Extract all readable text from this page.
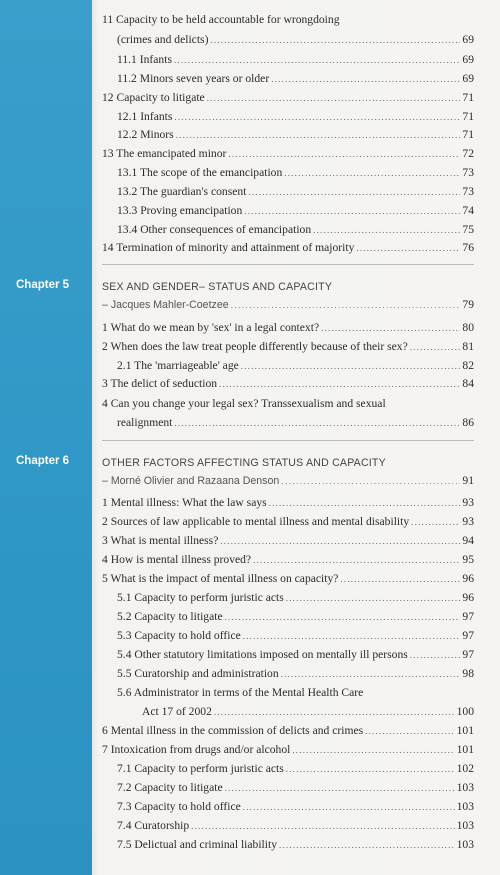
Chapter 5
Chapter 6
11 Capacity to be held accountable for wrongdoing
(crimes and delicts) .....	69
11.1 Infants .....	69
11.2 Minors seven years or older .....	69
12 Capacity to litigate .....	71
12.1 Infants .....	71
12.2 Minors .....	71
13 The emancipated minor .....	72
13.1 The scope of the emancipation .....	73
13.2 The guardian's consent .....	73
13.3 Proving emancipation .....	74
13.4 Other consequences of emancipation .....	75
14 Termination of minority and attainment of majority .....	76
SEX AND GENDER– STATUS AND CAPACITY
– Jacques Mahler-Coetzee .....	79
1 What do we mean by 'sex' in a legal context? .....	80
2 When does the law treat people differently because of their sex? .....	81
2.1 The 'marriageable' age .....	82
3 The delict of seduction .....	84
4 Can you change your legal sex? Transsexualism and sexual
realignment .....	86
OTHER FACTORS AFFECTING STATUS AND CAPACITY
– Morné Olivier and Razaana Denson .....	91
1 Mental illness: What the law says .....	93
2 Sources of law applicable to mental illness and mental disability .....	93
3 What is mental illness? .....	94
4 How is mental illness proved? .....	95
5 What is the impact of mental illness on capacity? .....	96
5.1 Capacity to perform juristic acts .....	96
5.2 Capacity to litigate .....	97
5.3 Capacity to hold office .....	97
5.4 Other statutory limitations imposed on mentally ill persons .....	97
5.5 Curatorship and administration .....	98
5.6 Administrator in terms of the Mental Health Care
Act 17 of 2002 .....	100
6 Mental illness in the commission of delicts and crimes .....	101
7 Intoxication from drugs and/or alcohol .....	101
7.1 Capacity to perform juristic acts .....	102
7.2 Capacity to litigate .....	103
7.3 Capacity to hold office .....	103
7.4 Curatorship .....	103
7.5 Delictual and criminal liability .....	103
